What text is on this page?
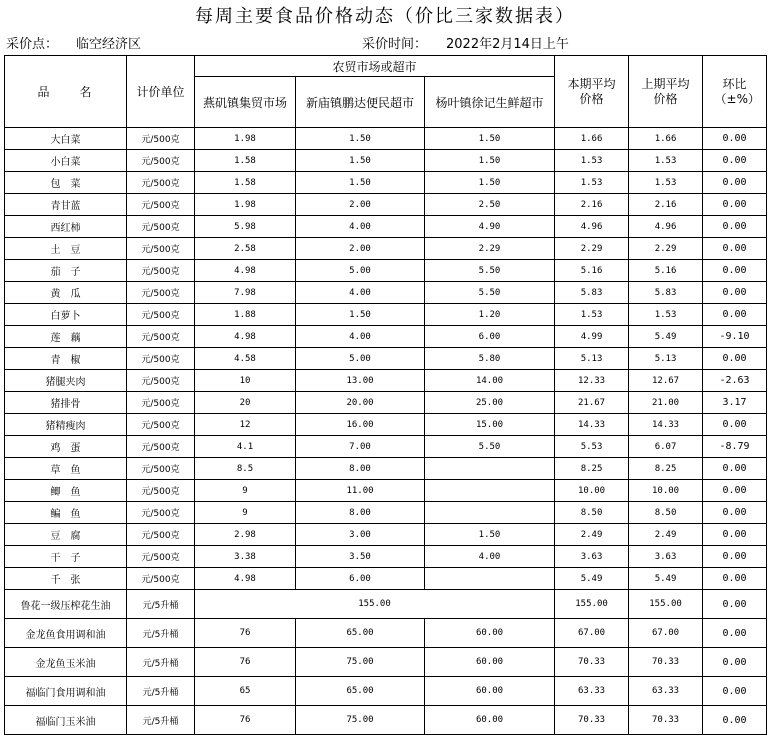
每周主要食品价格动态（价比三家数据表）
采价点： 临空经济区	采价时间： 2022年2月14日上午
品　　名	计价单位	农贸市场或超市			本期平均价格	上期平均价格	环比（±%）
		燕矶镇集贸市场	新庙镇鹏达便民超市	杨叶镇徐记生鲜超市			
大白菜	元/500克	1.98	1.50	1.50	1.66	1.66	0.00
小白菜	元/500克	1.58	1.50	1.50	1.53	1.53	0.00
包　菜	元/500克	1.58	1.50	1.50	1.53	1.53	0.00
青甘蓝	元/500克	1.98	2.00	2.50	2.16	2.16	0.00
西红柿	元/500克	5.98	4.00	4.90	4.96	4.96	0.00
土　豆	元/500克	2.58	2.00	2.29	2.29	2.29	0.00
茄　子	元/500克	4.98	5.00	5.50	5.16	5.16	0.00
黄　瓜	元/500克	7.98	4.00	5.50	5.83	5.83	0.00
白萝卜	元/500克	1.88	1.50	1.20	1.53	1.53	0.00
莲　藕	元/500克	4.98	4.00	6.00	4.99	5.49	-9.10
青　椒	元/500克	4.58	5.00	5.80	5.13	5.13	0.00
猪腿夹肉	元/500克	10	13.00	14.00	12.33	12.67	-2.63
猪排骨	元/500克	20	20.00	25.00	21.67	21.00	3.17
猪精瘦肉	元/500克	12	16.00	15.00	14.33	14.33	0.00
鸡　蛋	元/500克	4.1	7.00	5.50	5.53	6.07	-8.79
草　鱼	元/500克	8.5	8.00		8.25	8.25	0.00
鲫　鱼	元/500克	9	11.00		10.00	10.00	0.00
鳊　鱼	元/500克	9	8.00		8.50	8.50	0.00
豆　腐	元/500克	2.98	3.00	1.50	2.49	2.49	0.00
干　子	元/500克	3.38	3.50	4.00	3.63	3.63	0.00
千　张	元/500克	4.98	6.00		5.49	5.49	0.00
鲁花一级压榨花生油	元/5升桶	155.00			155.00	155.00	0.00
金龙鱼食用调和油	元/5升桶	76	65.00	60.00	67.00	67.00	0.00
金龙鱼玉米油	元/5升桶	76	75.00	60.00	70.33	70.33	0.00
福临门食用调和油	元/5升桶	65	65.00	60.00	63.33	63.33	0.00
福临门玉米油	元/5升桶	76	75.00	60.00	70.33	70.33	0.00
